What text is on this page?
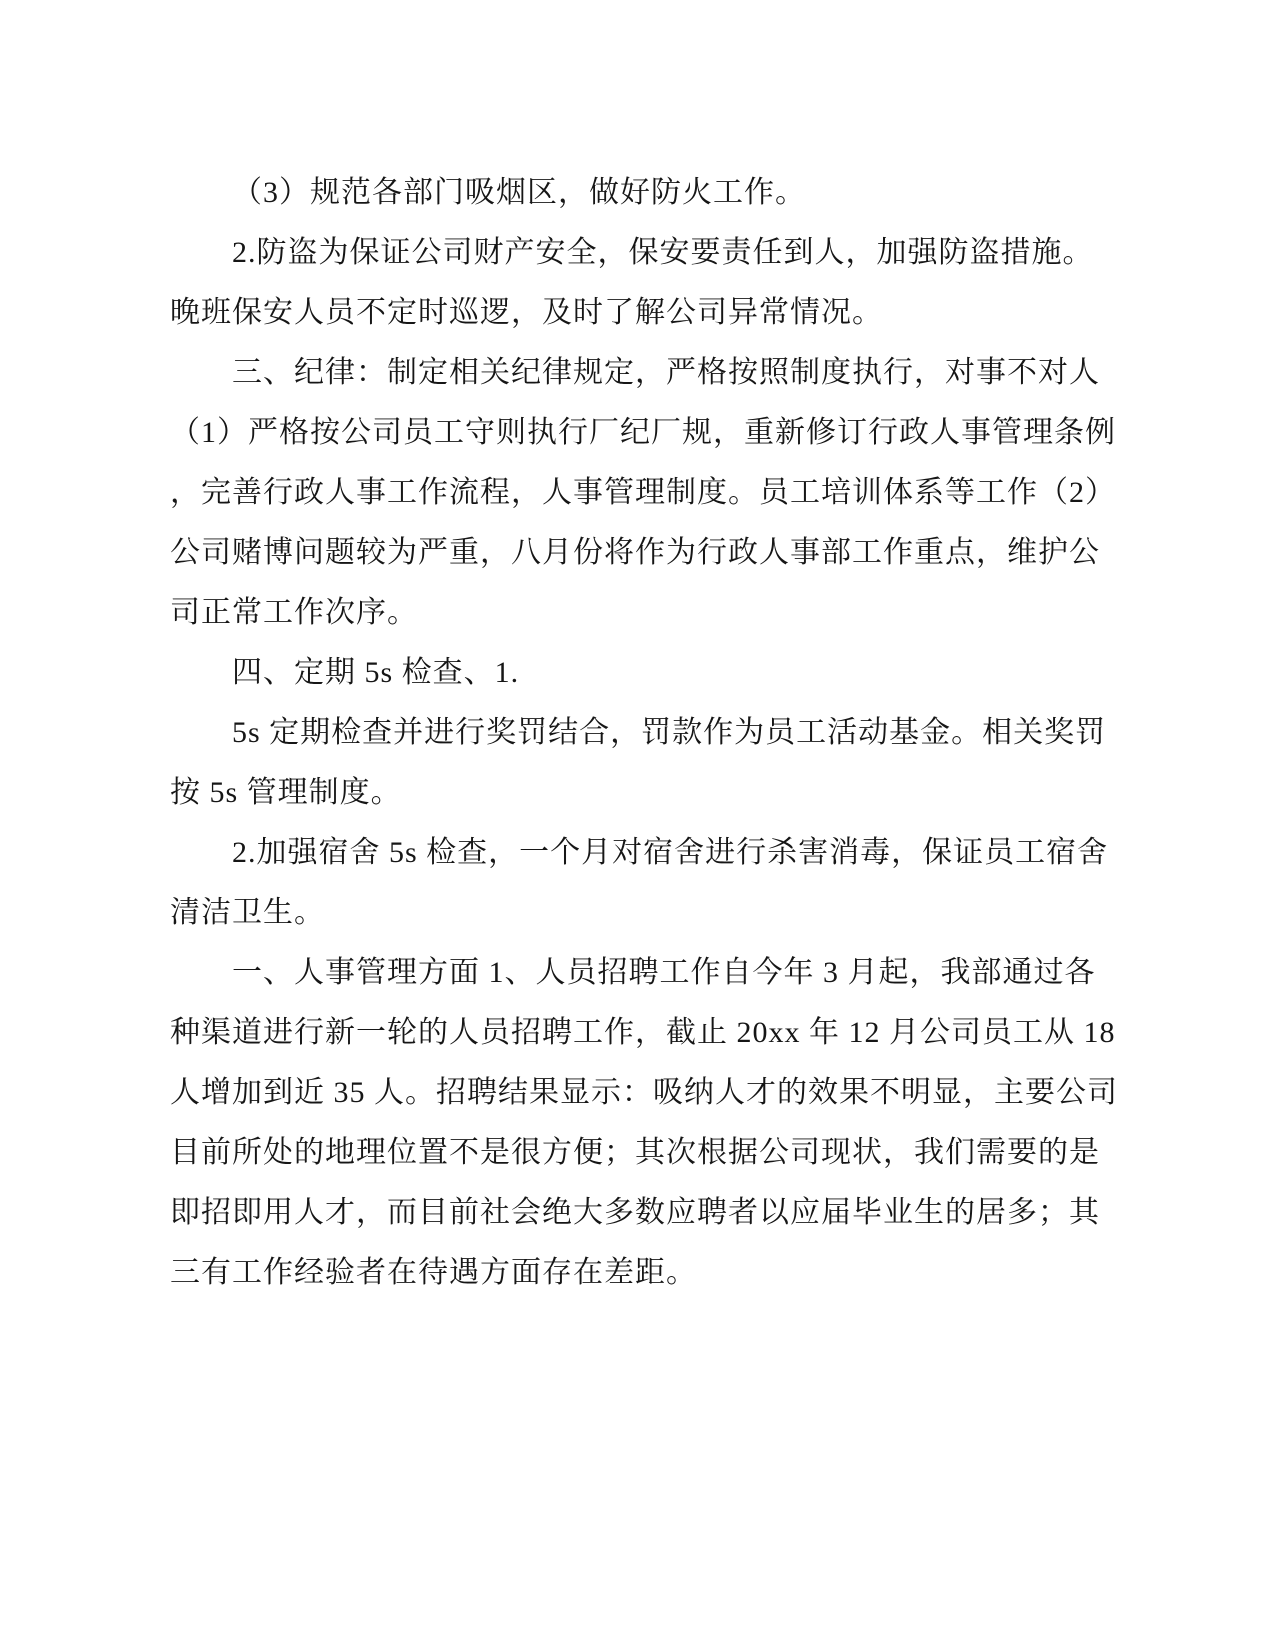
（3）规范各部门吸烟区，做好防火工作。
2.防盗为保证公司财产安全，保安要责任到人，加强防盗措施。
晚班保安人员不定时巡逻，及时了解公司异常情况。
三、纪律：制定相关纪律规定，严格按照制度执行，对事不对人
（1）严格按公司员工守则执行厂纪厂规，重新修订行政人事管理条例
，完善行政人事工作流程，人事管理制度。员工培训体系等工作（2）
公司赌博问题较为严重，八月份将作为行政人事部工作重点，维护公
司正常工作次序。
四、定期 5s 检查、1.
5s 定期检查并进行奖罚结合，罚款作为员工活动基金。相关奖罚
按 5s 管理制度。
2.加强宿舍 5s 检查，一个月对宿舍进行杀害消毒，保证员工宿舍
清洁卫生。
一、人事管理方面 1、人员招聘工作自今年 3 月起，我部通过各
种渠道进行新一轮的人员招聘工作，截止 20xx 年 12 月公司员工从 18
人增加到近 35 人。招聘结果显示：吸纳人才的效果不明显，主要公司
目前所处的地理位置不是很方便；其次根据公司现状，我们需要的是
即招即用人才，而目前社会绝大多数应聘者以应届毕业生的居多；其
三有工作经验者在待遇方面存在差距。
